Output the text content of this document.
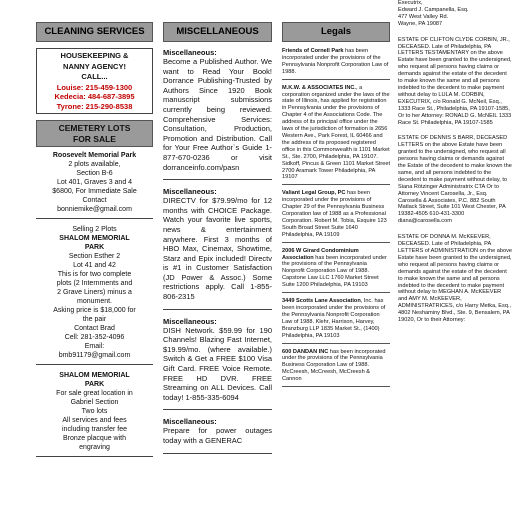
CLEANING SERVICES
HOUSEKEEPING &
NANNY AGENCY!
CALL...
Louise: 215-459-1300
Kedecia: 484-687-3895
Tyrone: 215-290-8538
CEMETERY LOTS
FOR SALE
Roosevelt Memorial Park
2 plots available,
Section B-6
Lot 401, Graves 3 and 4
$6800, For Immediate Sale
Contact
bonniemike@gmail.com
Selling 2 Plots
SHALOM MEMORIAL
PARK
Section Esther 2
Lot 41 and 42
This is for two complete
plots (2 Internments and
2 Grave Liners) minus a
monument.
Asking price is $18,000 for
the pair
Contact Brad
Cell: 281-352-4096
Email:
bmb91179@gmail.com
SHALOM MEMORIAL
PARK
For sale great location in
Gabriel Section
Two lots
All services and fees
including transfer fee
Bronze placque with
engraving
MISCELLANEOUS
Miscellaneous:
Become a Published Author. We want to Read Your Book! Dorrance Publishing-Trusted by Authors Since 1920 Book manuscript submissions currently being reviewed. Comprehensive Services: Consultation, Production, Promotion and Distribution. Call for Your Free Author`s Guide 1-877-670-0236 or visit dorranceinfo.com/pasn
Miscellaneous:
DIRECTV for $79.99/mo for 12 months with CHOICE Package. Watch your favorite live sports, news & entertainment anywhere. First 3 months of HBO Max, Cinemax, Showtime, Starz and Epix included! Directv is #1 in Customer Satisfaction (JD Power & Assoc.) Some restrictions apply. Call 1-855-806-2315
Miscellaneous:
DISH Network. $59.99 for 190 Channels! Blazing Fast Internet, $19.99/mo. (where available.) Switch & Get a FREE $100 Visa Gift Card. FREE Voice Remote. FREE HD DVR. FREE Streaming on ALL Devices. Call today! 1-855-335-6094
Miscellaneous:
Prepare for power outages today with a GENERAC
Legals
Friends of Cornell Park has been incorporated under the provisions of the Pennsylvania Nonprofit Corporation Law of 1988.
M.K.W. & ASSOCIATES INC., a corporation organized under the laws of the state of Illinois, has applied for registration in Pennsylvania under the provisions of Chapter 4 of the Associations Code. The address of its principal office under the laws of the jurisdiction of formation is 2656 Western Ave., Park Forest, IL 60466 and the address of its proposed registered office in this Commonwealth is 1101 Market St., Ste. 2700, Philadelphia, PA 19107. Sidkoff, Pincus & Green 1101 Market Street 2700 Aramark Tower Philadelphia, PA 19107
Valiant Legal Group, PC has been incorporated under the provisions of Chapter 29 of the Pennsylvania Business Corporation law of 1988 as a Professional Corporation. Robert M. Tobia, Esquire 123 South Broad Street Suite 1640 Philadelphia, PA 19109
2006 W Girard Condominium Association has been incorporated under the provisions of the Pennsylvania Nonprofit Corporation Law of 1988. Capstone Law LLC 1760 Market Street Suite 1200 Philadelphia, PA 19103
3449 Scotts Lane Association, Inc. has been incorporated under the provisions of the Pennsylvania Nonprofit Corporation Law of 1988. Klehr, Harrison, Harvey, Branzburg LLP 1835 Market St., (1400) Philadelphia, PA 19103
600 DANDAN INC has been incorporated under the provisions of the Pennsylvania Business Corporation Law of 1988. McCreesh, McCreesh, McCreesh & Cannon
Executrix,
Edward J. Campanella, Esq.
477 West Valley Rd.
Wayne, PA 19087
ESTATE OF CLIFTON CLYDE CORBIN, JR., DECEASED. Late of Philadelphia, PA LETTERS TESTAMENTARY on the above Estate have been granted to the undersigned, who request all persons having claims or demands against the estate of the decedent to make known the same and all persons indebted to the decedent to make payment without delay to LULA M. CORBIN, EXECUTRIX, c/o Ronald G. McNeil, Esq., 1333 Race St., Philadelphia, PA 19107-1585, Or to her Attorney: RONALD G. McNEIL 1333 Race St. Philadelphia, PA 19107-1585
ESTATE OF DENNIS S BARR, DECEASED LETTERS on the above Estate have been granted to the undersigned, who request all persons having claims or demands against the Estate of the decedent to make known the same, and all persons indebted to the decedent to make payment without delay, to Siana Rötzinger Administratrix CTA Or to Attorney Vincent Carosella, Jr., Esq. Carosella & Associates, P.C. 882 South Matlack Street, Suite 101 West Chester, PA 19382-4505 610-431-3300 diana@carosella.com
ESTATE OF DONNA M. McKEEVER, DECEASED. Late of Philadelphia, PA LETTERS of ADMINISTRATION on the above Estate have been granted to the undersigned, who request all persons having claims or demands against the estate of the decedent to make known the same and all persons indebted to the decedent to make payment without delay to MEGHAN A. McKEEVER and AMY M. McKEEVER, ADMINISTRATRICES, c/o Harry Metka, Esq., 4802 Neshaminy Blvd., Ste. 9, Bensalem, PA 19020, Or to their Attorney:
